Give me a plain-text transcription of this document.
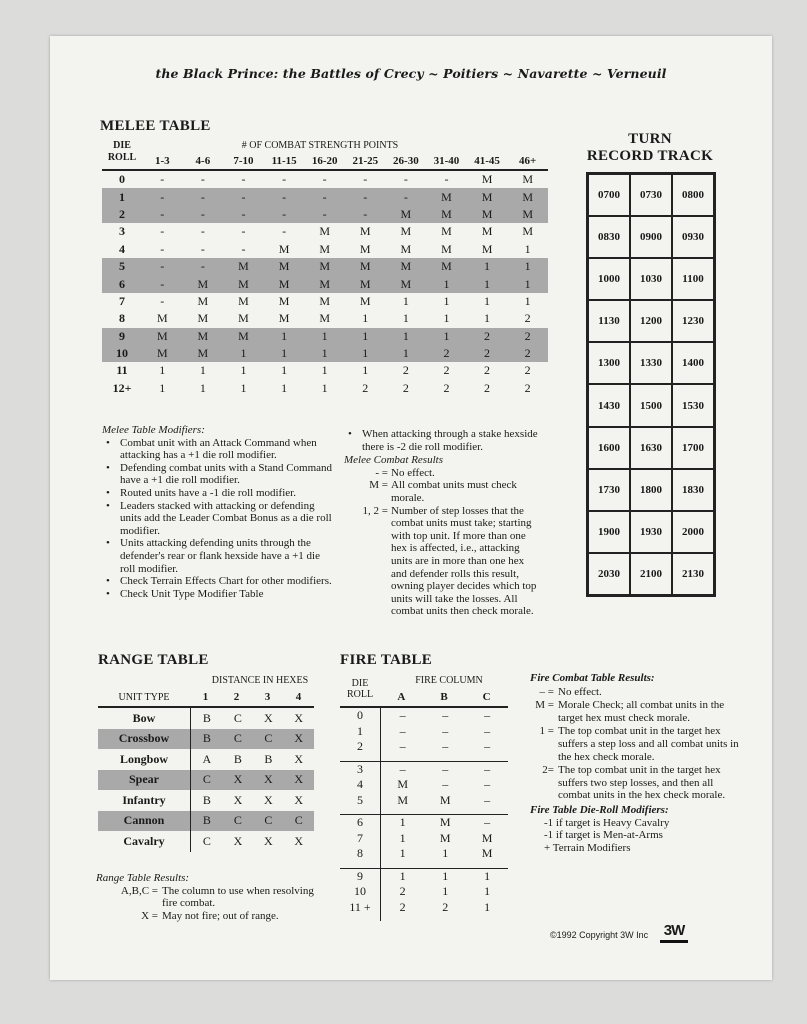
the Black Prince: the Battles of Crecy ~ Poitiers ~ Navarette ~ Verneuil
MELEE TABLE
DIE
ROLL
# OF COMBAT STRENGTH POINTS
1-3	4-6	7-10	11-15	16-20	21-25	26-30	31-40	41-45	46+
0	-	-	-	-	-	-	-	-	M	M
1	-	-	-	-	-	-	-	M	M	M
2	-	-	-	-	-	-	M	M	M	M
3	-	-	-	-	M	M	M	M	M	M
4	-	-	-	M	M	M	M	M	M	1
5	-	-	M	M	M	M	M	M	1	1
6	-	M	M	M	M	M	M	1	1	1
7	-	M	M	M	M	M	1	1	1	1
8	M	M	M	M	M	1	1	1	1	2
9	M	M	M	1	1	1	1	1	2	2
10	M	M	1	1	1	1	1	2	2	2
11	1	1	1	1	1	1	2	2	2	2
12+	1	1	1	1	1	2	2	2	2	2
Melee Table Modifiers:
• Combat unit with an Attack Command when attacking has a +1 die roll modifier.
• Defending combat units with a Stand Command have a +1 die roll modifier.
• Routed units have a -1 die roll modifier.
• Leaders stacked with attacking or defending units add the Leader Combat Bonus as a die roll modifier.
• Units attacking defending units through the defender's rear or flank hexside have a +1 die roll modifier.
• Check Terrain Effects Chart for other modifiers.
• Check Unit Type Modifier Table
• When attacking through a stake hexside there is -2 die roll modifier.
Melee Combat Results
- = No effect.
M = All combat units must check morale.
1, 2 = Number of step losses that the combat units must take; starting with top unit. If more than one hex is affected, i.e., attacking units are in more than one hex and defender rolls this result, owning player decides which top units will take the losses. All combat units then check morale.
TURN
RECORD TRACK
0700	0730	0800
0830	0900	0930
1000	1030	1100
1130	1200	1230
1300	1330	1400
1430	1500	1530
1600	1630	1700
1730	1800	1830
1900	1930	2000
2030	2100	2130
RANGE TABLE
DISTANCE IN HEXES
UNIT TYPE	1	2	3	4
Bow	B	C	X	X
Crossbow	B	C	C	X
Longbow	A	B	B	X
Spear	C	X	X	X
Infantry	B	X	X	X
Cannon	B	C	C	C
Cavalry	C	X	X	X
Range Table Results:
A,B,C = The column to use when resolving fire combat.
X = May not fire; out of range.
FIRE TABLE
DIE
ROLL
FIRE COLUMN
A	B	C
0	–	–	–
1	–	–	–
2	–	–	–

3	–	–	–
4	M	–	–
5	M	M	–

6	1	M	–
7	1	M	M
8	1	1	M

9	1	1	1
10	2	1	1
11 +	2	2	1

Fire Combat Table Results:
– = No effect.
M = Morale Check; all combat units in the target hex must check morale.
1 = The top combat unit in the target hex suffers a step loss and all combat units in the hex check morale.
2= The top combat unit in the target hex suffers two step losses, and then all combat units in the hex check morale.
Fire Table Die-Roll Modifiers:
-1 if target is Heavy Cavalry
-1 if target is Men-at-Arms
+ Terrain Modifiers
©1992 Copyright 3W Inc 3W
